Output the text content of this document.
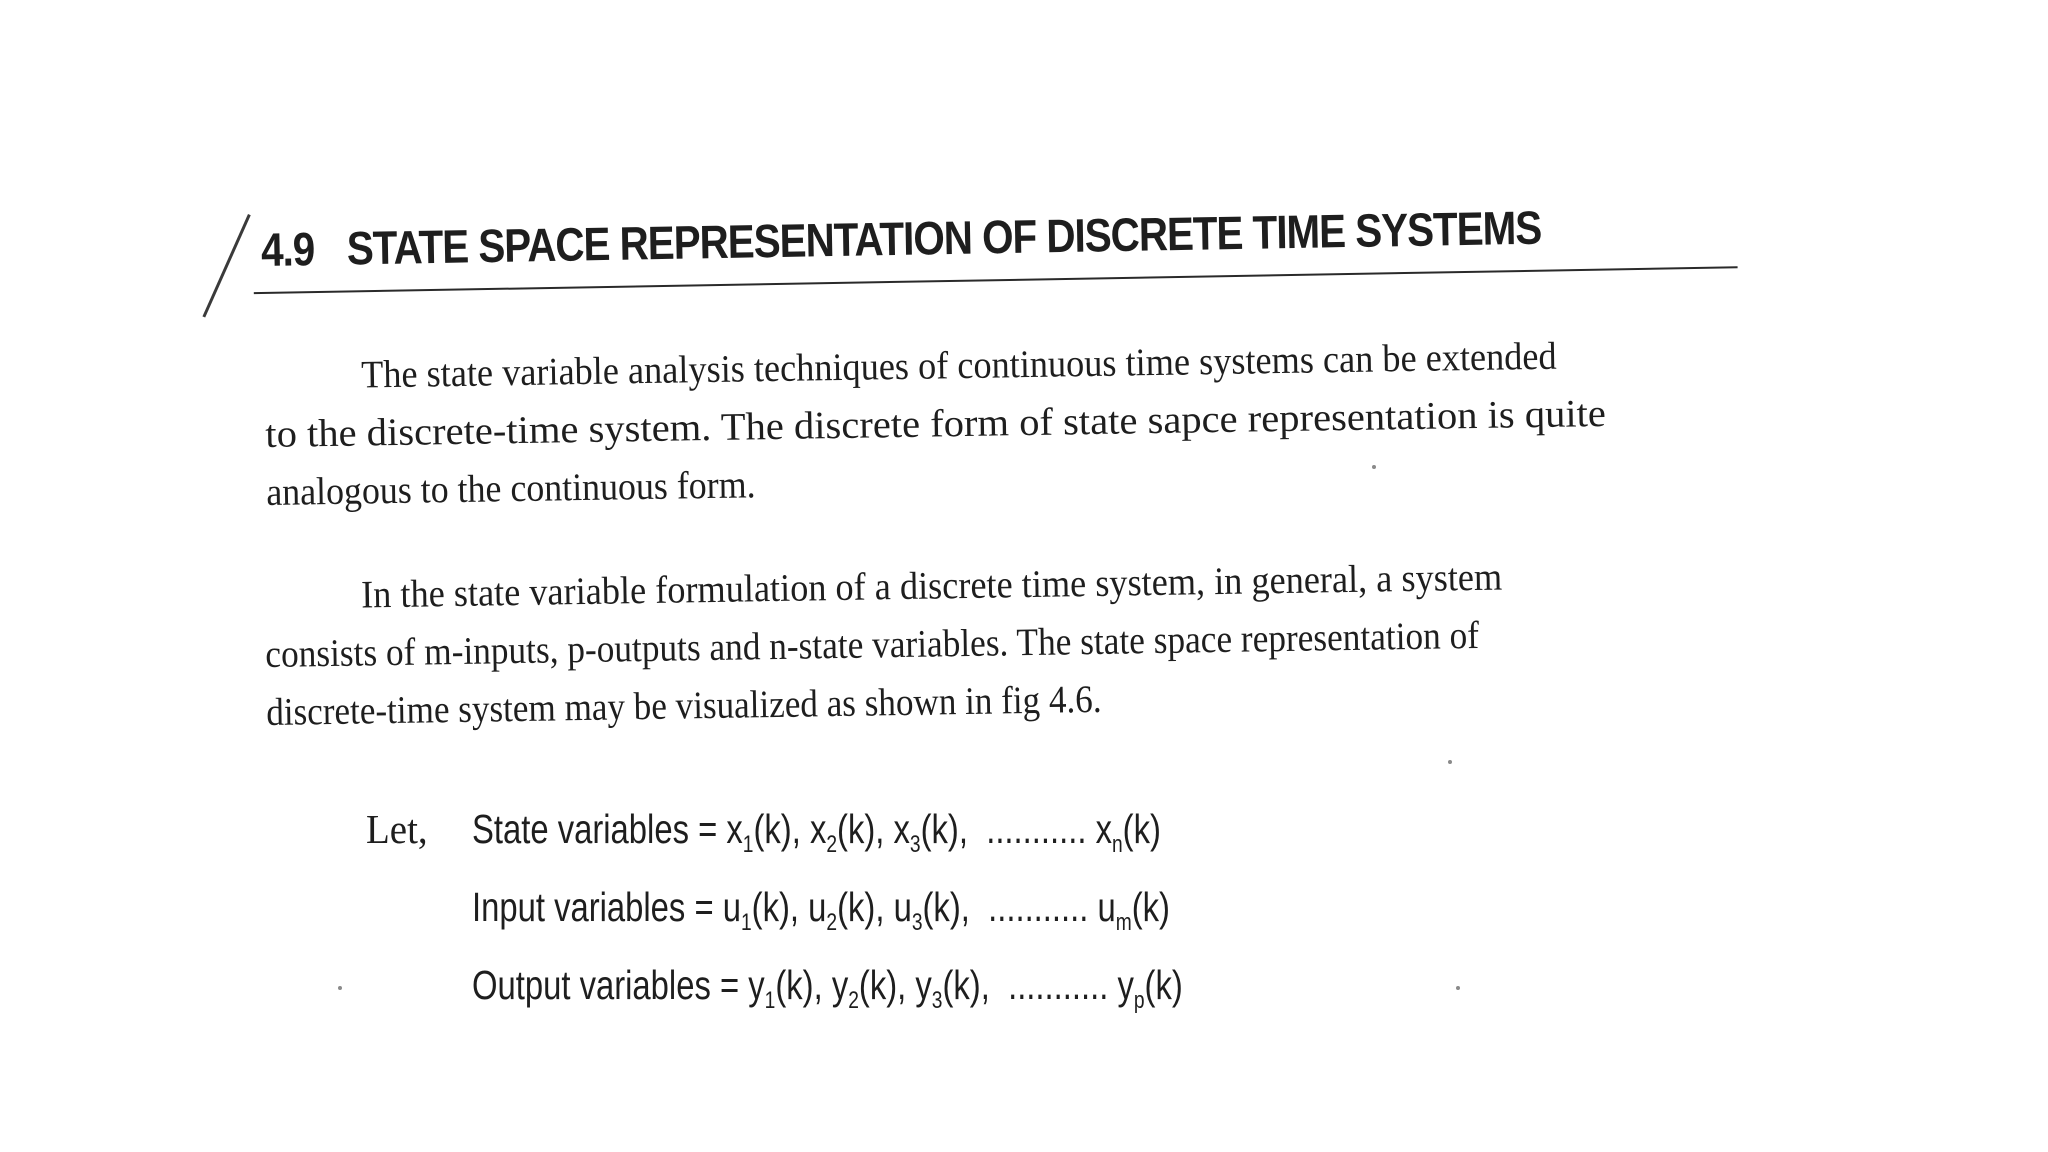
4.9 STATE SPACE REPRESENTATION OF DISCRETE TIME SYSTEMS
The state variable analysis techniques of continuous time systems can be extended
to the discrete-time system. The discrete form of state sapce representation is quite
analogous to the continuous form.
In the state variable formulation of a discrete time system, in general, a system
consists of m-inputs, p-outputs and n-state variables. The state space representation of
discrete-time system may be visualized as shown in fig 4.6.
Let, State variables = $x_1(k)$, $x_2(k)$, $x_3(k)$,  ........... $x_n(k)$
Input variables = $u_1(k)$, $u_2(k)$, $u_3(k)$,  ........... $u_m(k)$
Output variables = $y_1(k)$, $y_2(k)$, $y_3(k)$,  ........... $y_p(k)$
